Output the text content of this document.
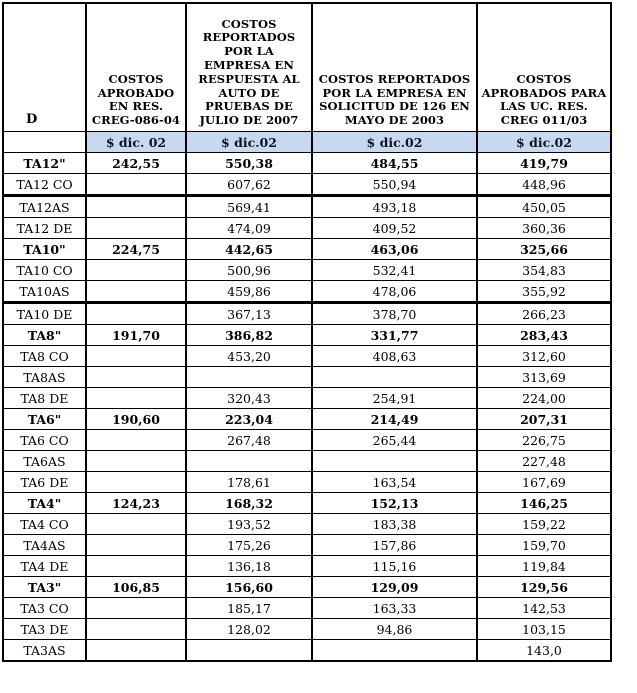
D	COSTOS APROBADO EN RES. CREG-086-04	COSTOS REPORTADOS POR LA EMPRESA EN RESPUESTA AL AUTO DE PRUEBAS DE JULIO DE 2007	COSTOS REPORTADOS POR LA EMPRESA EN SOLICITUD DE 126 EN MAYO DE 2003	COSTOS APROBADOS PARA LAS UC. RES. CREG 011/03
	$ dic. 02	$ dic.02	$ dic.02	$ dic.02
TA12"	242,55	550,38	484,55	419,79
TA12 CO		607,62	550,94	448,96
TA12AS		569,41	493,18	450,05
TA12 DE		474,09	409,52	360,36
TA10"	224,75	442,65	463,06	325,66
TA10 CO		500,96	532,41	354,83
TA10AS		459,86	478,06	355,92
TA10 DE		367,13	378,70	266,23
TA8"	191,70	386,82	331,77	283,43
TA8 CO		453,20	408,63	312,60
TA8AS				313,69
TA8 DE		320,43	254,91	224,00
TA6"	190,60	223,04	214,49	207,31
TA6 CO		267,48	265,44	226,75
TA6AS				227,48
TA6 DE		178,61	163,54	167,69
TA4"	124,23	168,32	152,13	146,25
TA4 CO		193,52	183,38	159,22
TA4AS		175,26	157,86	159,70
TA4 DE		136,18	115,16	119,84
TA3"	106,85	156,60	129,09	129,56
TA3 CO		185,17	163,33	142,53
TA3 DE		128,02	94,86	103,15
TA3AS				143,0
